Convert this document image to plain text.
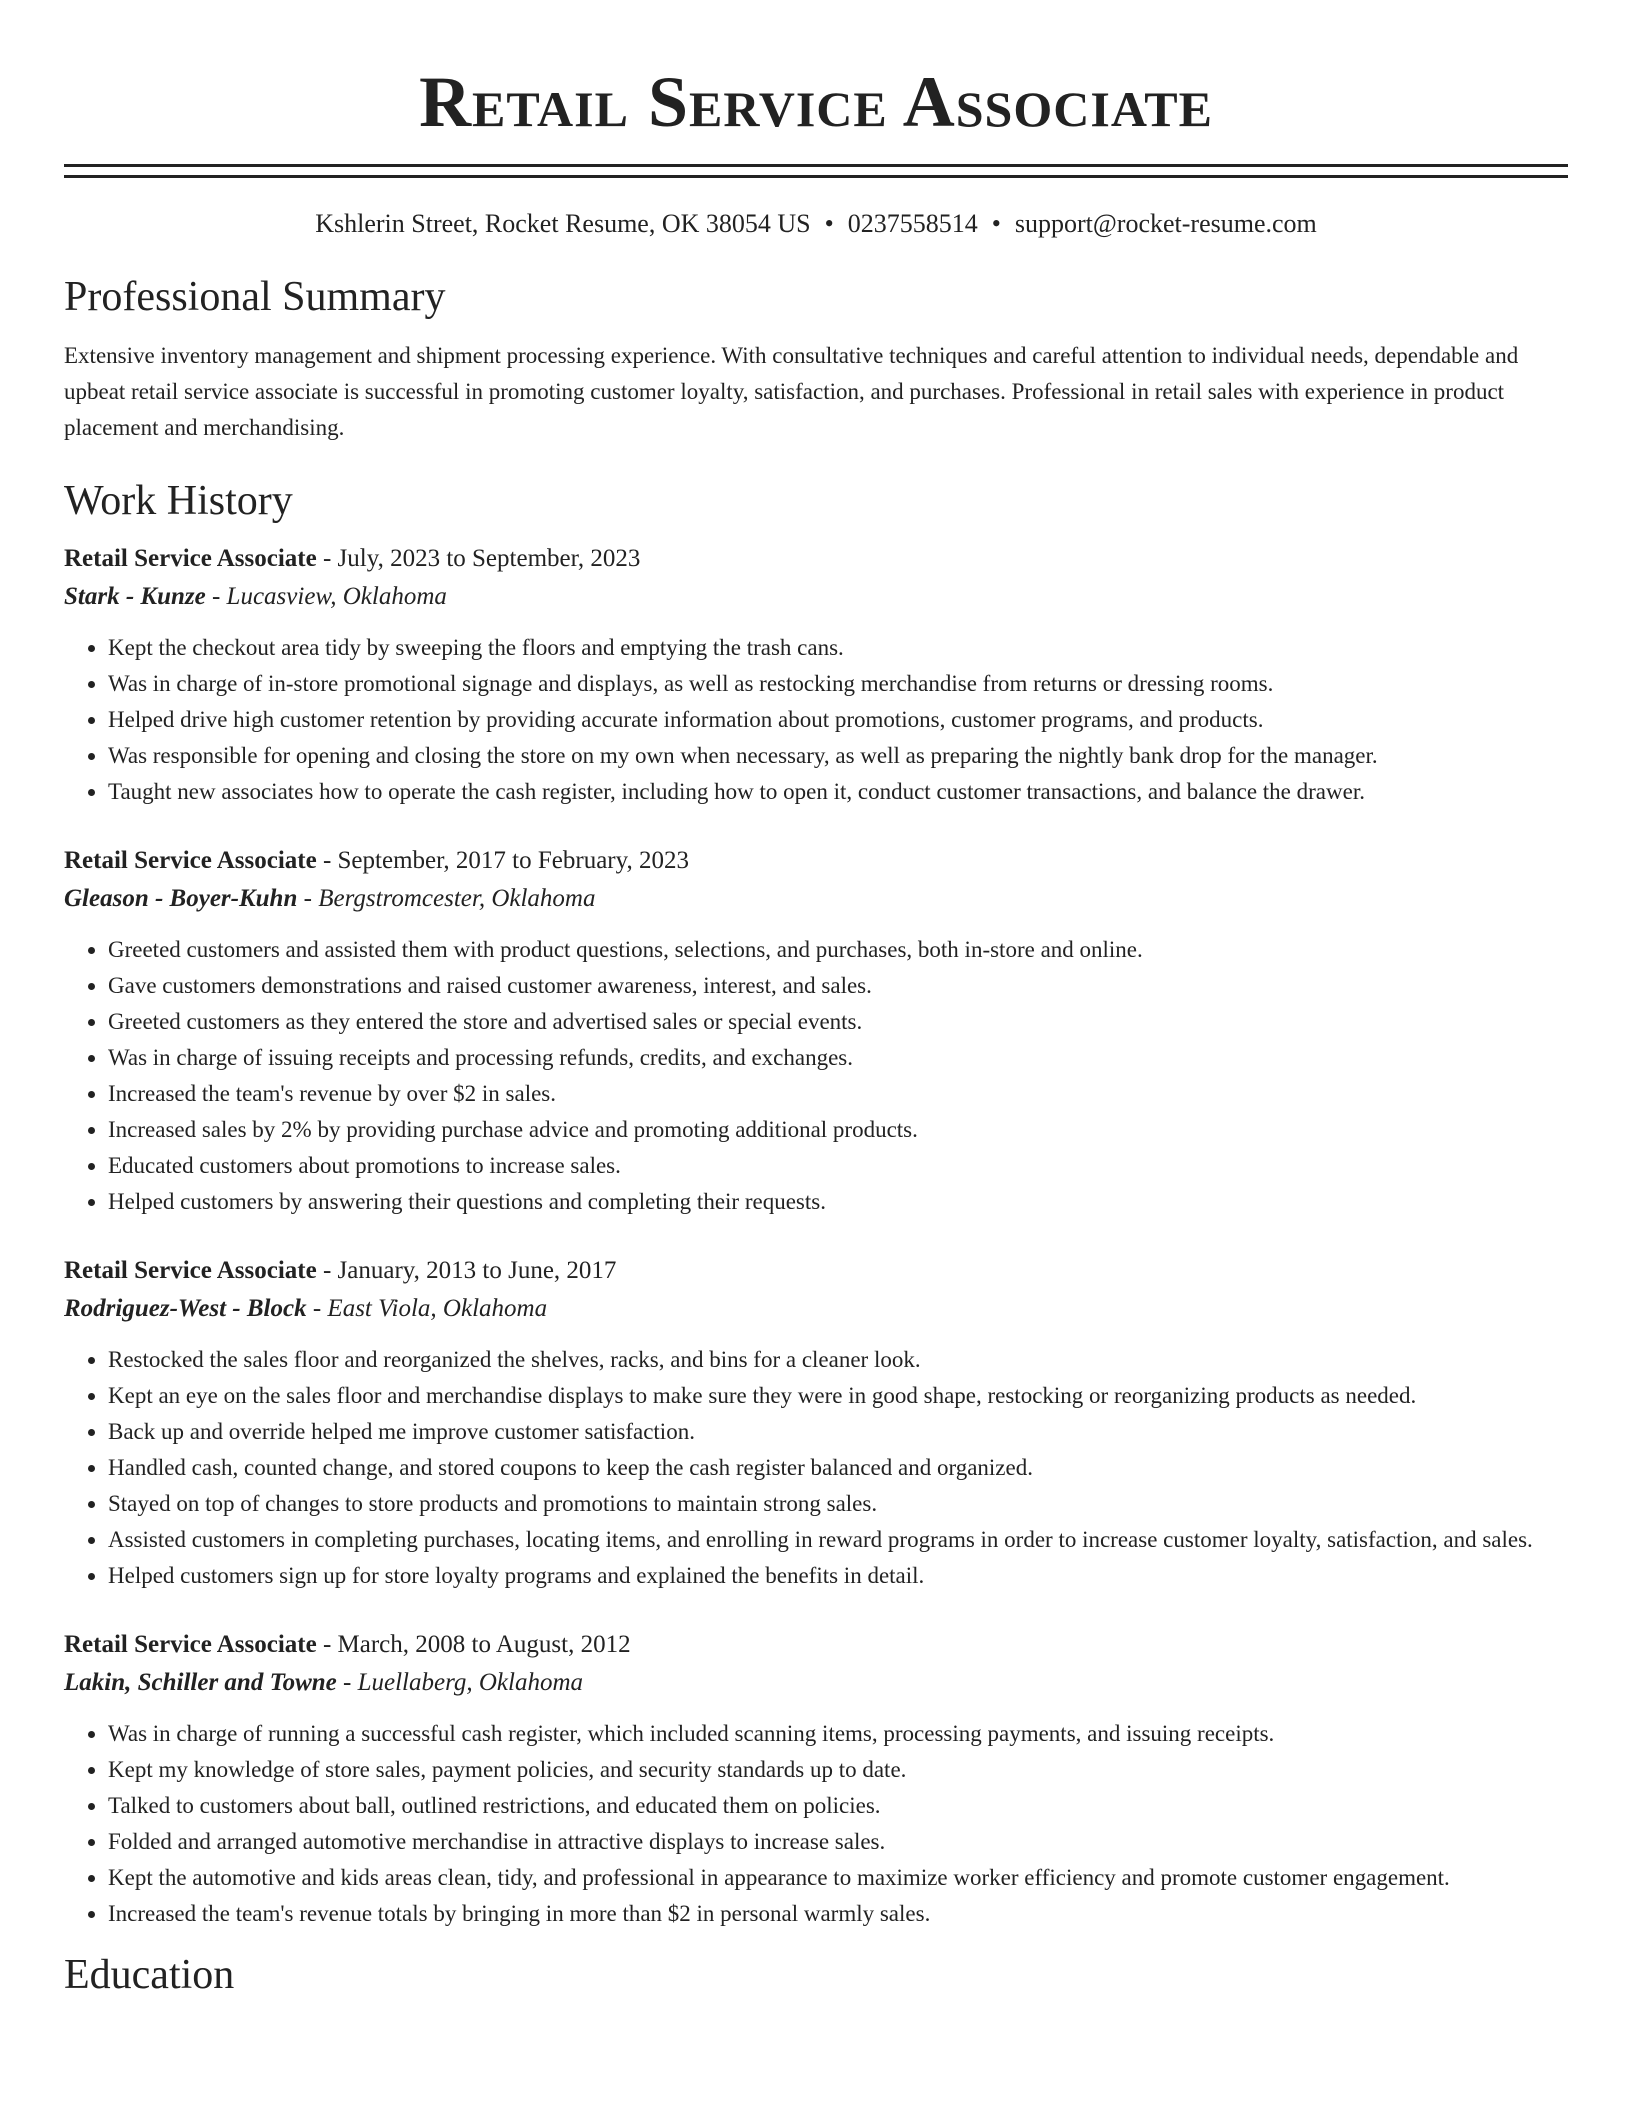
Retail Service Associate
Kshlerin Street, Rocket Resume, OK 38054 US • 0237558514 • support@rocket-resume.com
Professional Summary

Extensive inventory management and shipment processing experience. With consultative techniques and careful attention to individual needs, dependable and upbeat retail service associate is successful in promoting customer loyalty, satisfaction, and purchases. Professional in retail sales with experience in product placement and merchandising.

Work History
Retail Service Associate - July, 2023 to September, 2023
Stark - Kunze - Lucasview, Oklahoma
• Kept the checkout area tidy by sweeping the floors and emptying the trash cans.
• Was in charge of in-store promotional signage and displays, as well as restocking merchandise from returns or dressing rooms.
• Helped drive high customer retention by providing accurate information about promotions, customer programs, and products.
• Was responsible for opening and closing the store on my own when necessary, as well as preparing the nightly bank drop for the manager.
• Taught new associates how to operate the cash register, including how to open it, conduct customer transactions, and balance the drawer.
Retail Service Associate - September, 2017 to February, 2023
Gleason - Boyer-Kuhn - Bergstromcester, Oklahoma
• Greeted customers and assisted them with product questions, selections, and purchases, both in-store and online.
• Gave customers demonstrations and raised customer awareness, interest, and sales.
• Greeted customers as they entered the store and advertised sales or special events.
• Was in charge of issuing receipts and processing refunds, credits, and exchanges.
• Increased the team's revenue by over $2 in sales.
• Increased sales by 2% by providing purchase advice and promoting additional products.
• Educated customers about promotions to increase sales.
• Helped customers by answering their questions and completing their requests.
Retail Service Associate - January, 2013 to June, 2017
Rodriguez-West - Block - East Viola, Oklahoma
• Restocked the sales floor and reorganized the shelves, racks, and bins for a cleaner look.
• Kept an eye on the sales floor and merchandise displays to make sure they were in good shape, restocking or reorganizing products as needed.
• Back up and override helped me improve customer satisfaction.
• Handled cash, counted change, and stored coupons to keep the cash register balanced and organized.
• Stayed on top of changes to store products and promotions to maintain strong sales.
• Assisted customers in completing purchases, locating items, and enrolling in reward programs in order to increase customer loyalty, satisfaction, and sales.
• Helped customers sign up for store loyalty programs and explained the benefits in detail.
Retail Service Associate - March, 2008 to August, 2012
Lakin, Schiller and Towne - Luellaberg, Oklahoma
• Was in charge of running a successful cash register, which included scanning items, processing payments, and issuing receipts.
• Kept my knowledge of store sales, payment policies, and security standards up to date.
• Talked to customers about ball, outlined restrictions, and educated them on policies.
• Folded and arranged automotive merchandise in attractive displays to increase sales.
• Kept the automotive and kids areas clean, tidy, and professional in appearance to maximize worker efficiency and promote customer engagement.
• Increased the team's revenue totals by bringing in more than $2 in personal warmly sales.
Education
